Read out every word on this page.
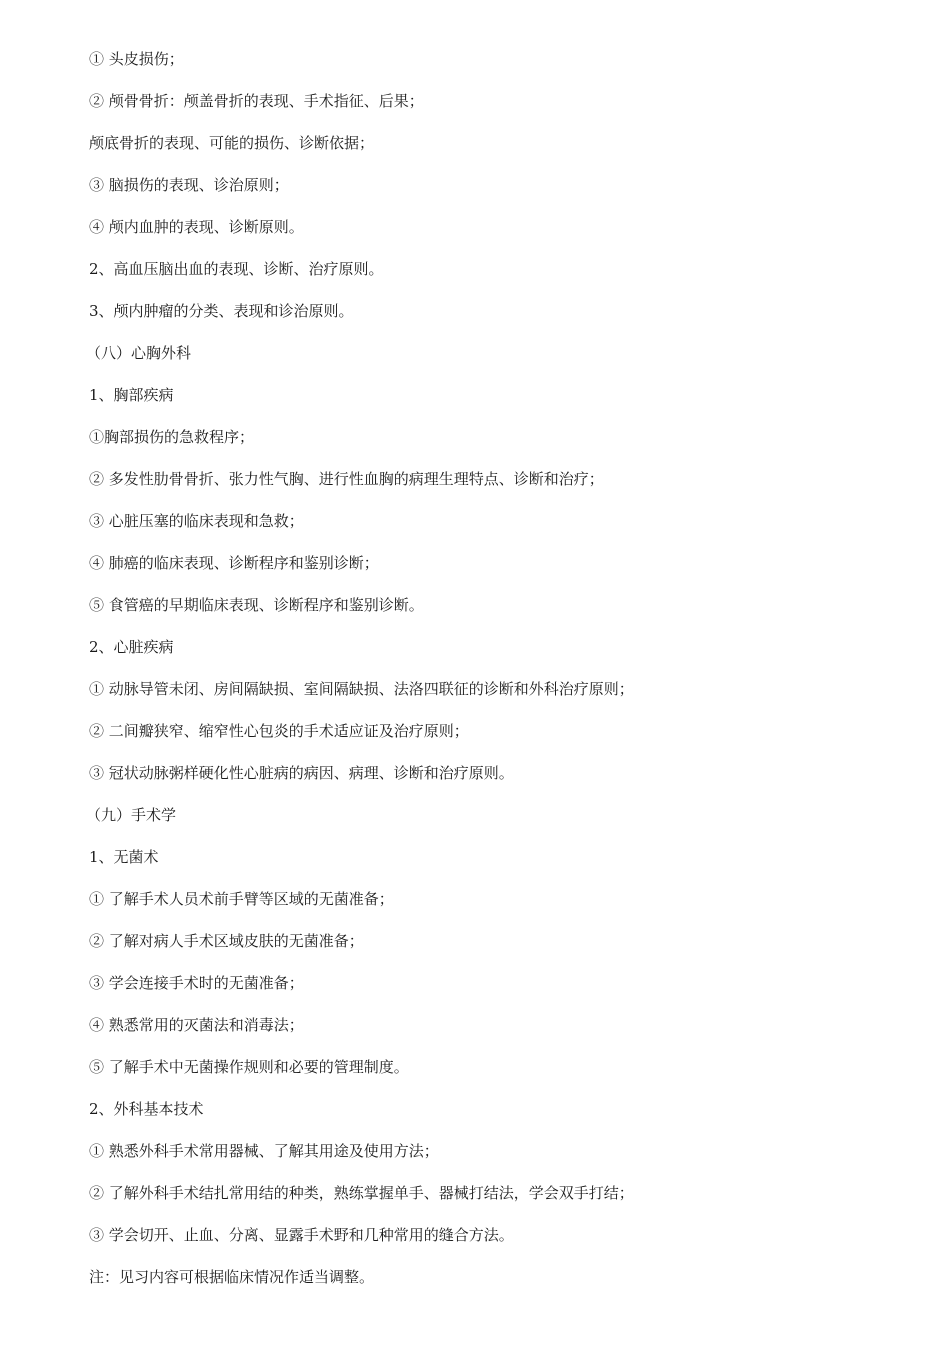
① 头皮损伤；
② 颅骨骨折：颅盖骨折的表现、手术指征、后果；
颅底骨折的表现、可能的损伤、诊断依据；
③ 脑损伤的表现、诊治原则；
④ 颅内血肿的表现、诊断原则。
2、高血压脑出血的表现、诊断、治疗原则。
3、颅内肿瘤的分类、表现和诊治原则。
（八）心胸外科
1、胸部疾病
①胸部损伤的急救程序；
② 多发性肋骨骨折、张力性气胸、进行性血胸的病理生理特点、诊断和治疗；
③ 心脏压塞的临床表现和急救；
④ 肺癌的临床表现、诊断程序和鉴别诊断；
⑤ 食管癌的早期临床表现、诊断程序和鉴别诊断。
2、心脏疾病
① 动脉导管未闭、房间隔缺损、室间隔缺损、法洛四联征的诊断和外科治疗原则；
② 二间瓣狭窄、缩窄性心包炎的手术适应证及治疗原则；
③ 冠状动脉粥样硬化性心脏病的病因、病理、诊断和治疗原则。
（九）手术学
1、无菌术
① 了解手术人员术前手臂等区域的无菌准备；
② 了解对病人手术区域皮肤的无菌准备；
③ 学会连接手术时的无菌准备；
④ 熟悉常用的灭菌法和消毒法；
⑤ 了解手术中无菌操作规则和必要的管理制度。
2、外科基本技术
① 熟悉外科手术常用器械、了解其用途及使用方法；
② 了解外科手术结扎常用结的种类，熟练掌握单手、器械打结法，学会双手打结；
③ 学会切开、止血、分离、显露手术野和几种常用的缝合方法。
注：见习内容可根据临床情况作适当调整。
